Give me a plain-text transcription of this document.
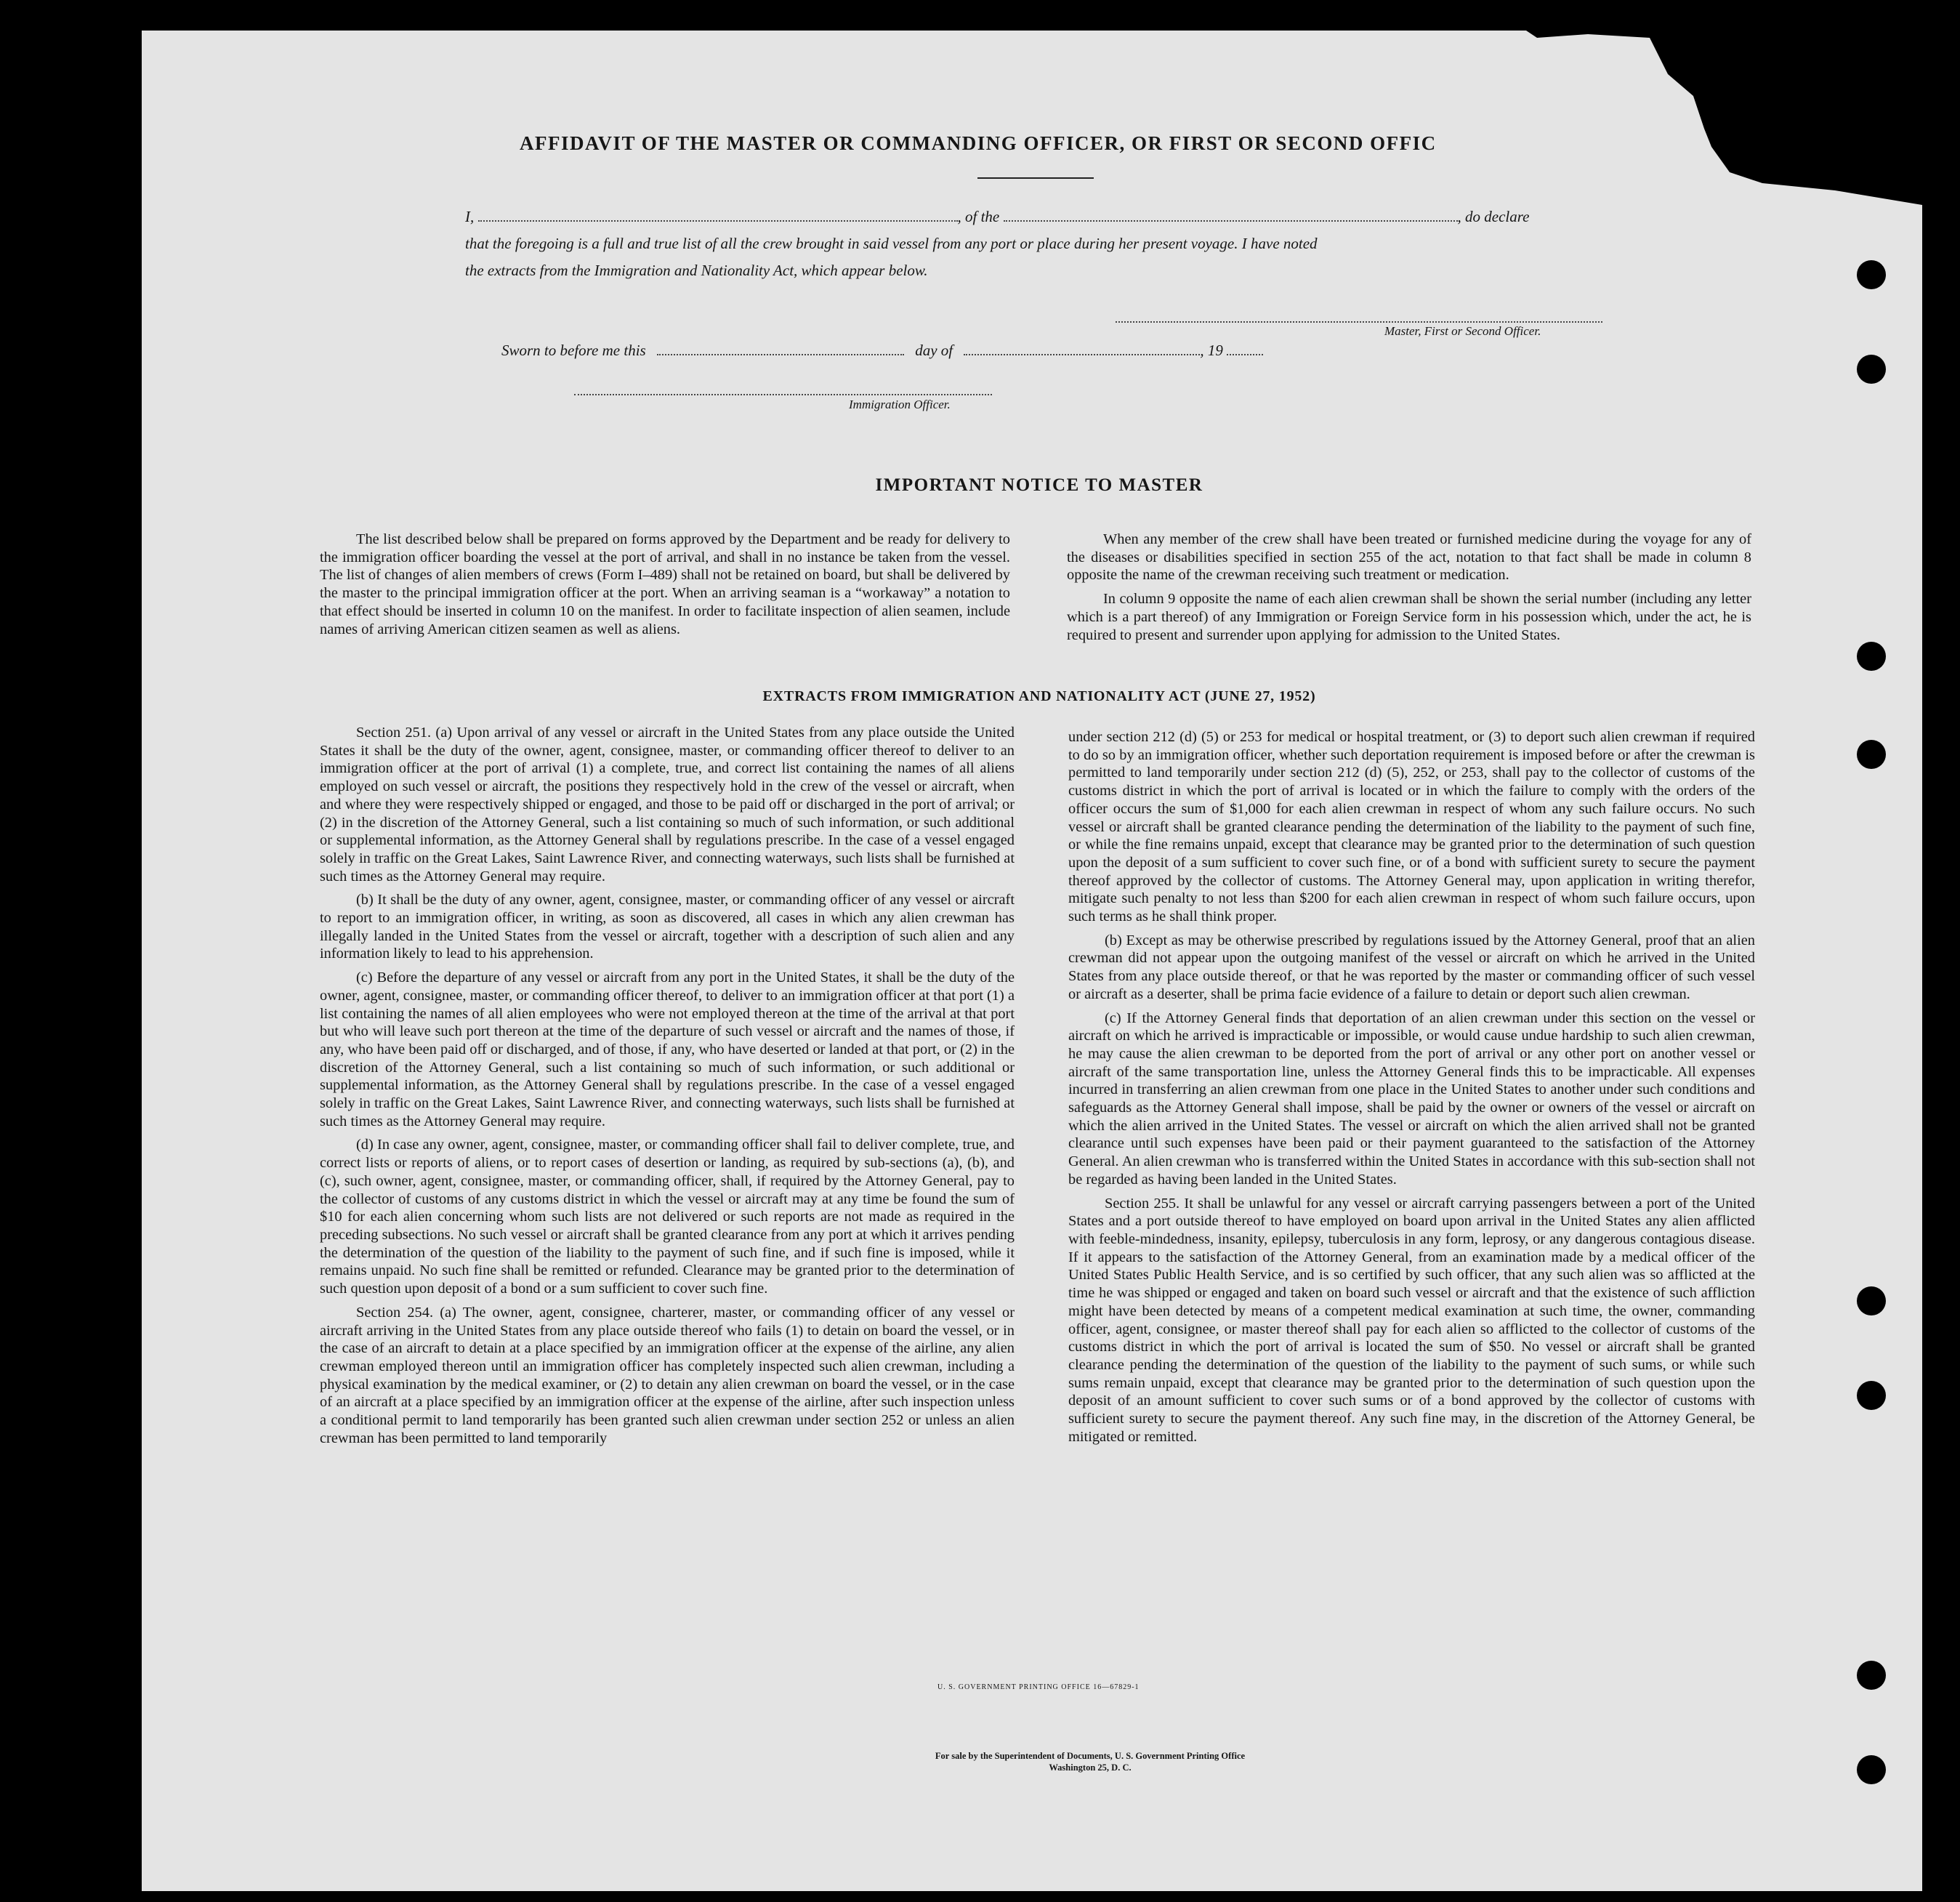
AFFIDAVIT OF THE MASTER OR COMMANDING OFFICER, OR FIRST OR SECOND OFFIC
I,	, of the	, do declare
that the foregoing is a full and true list of all the crew brought in said vessel from any port or place during her present voyage. I have noted
the extracts from the Immigration and Nationality Act, which appear below.
Master, First or Second Officer.
Sworn to before me this	day of	, 19
Immigration Officer.
IMPORTANT NOTICE TO MASTER

The list described below shall be prepared on forms approved by the Department and be ready for delivery to the immigration officer boarding the vessel at the port of arrival, and shall in no instance be taken from the vessel. The list of changes of alien members of crews (Form I–489) shall not be retained on board, but shall be delivered by the master to the principal immigration officer at the port. When an arriving seaman is a “workaway” a notation to that effect should be inserted in column 10 on the manifest. In order to facilitate inspection of alien seamen, include names of arriving American citizen seamen as well as aliens.

When any member of the crew shall have been treated or furnished medicine during the voyage for any of the diseases or disabilities specified in section 255 of the act, notation to that fact shall be made in column 8 opposite the name of the crewman receiving such treatment or medication.

In column 9 opposite the name of each alien crewman shall be shown the serial number (including any letter which is a part thereof) of any Immigration or Foreign Service form in his possession which, under the act, he is required to present and surrender upon applying for admission to the United States.

EXTRACTS FROM IMMIGRATION AND NATIONALITY ACT (JUNE 27, 1952)

Section 251. (a) Upon arrival of any vessel or aircraft in the United States from any place outside the United States it shall be the duty of the owner, agent, consignee, master, or commanding officer thereof to deliver to an immigration officer at the port of arrival (1) a complete, true, and correct list containing the names of all aliens employed on such vessel or aircraft, the positions they respectively hold in the crew of the vessel or aircraft, when and where they were respectively shipped or engaged, and those to be paid off or discharged in the port of arrival; or (2) in the discretion of the Attorney General, such a list containing so much of such information, or such additional or supplemental information, as the Attorney General shall by regulations prescribe. In the case of a vessel engaged solely in traffic on the Great Lakes, Saint Lawrence River, and connecting waterways, such lists shall be furnished at such times as the Attorney General may require.

(b) It shall be the duty of any owner, agent, consignee, master, or commanding officer of any vessel or aircraft to report to an immigration officer, in writing, as soon as discovered, all cases in which any alien crewman has illegally landed in the United States from the vessel or aircraft, together with a description of such alien and any information likely to lead to his apprehension.

(c) Before the departure of any vessel or aircraft from any port in the United States, it shall be the duty of the owner, agent, consignee, master, or commanding officer thereof, to deliver to an immigration officer at that port (1) a list containing the names of all alien employees who were not employed thereon at the time of the arrival at that port but who will leave such port thereon at the time of the departure of such vessel or aircraft and the names of those, if any, who have been paid off or discharged, and of those, if any, who have deserted or landed at that port, or (2) in the discretion of the Attorney General, such a list containing so much of such information, or such additional or supplemental information, as the Attorney General shall by regulations prescribe. In the case of a vessel engaged solely in traffic on the Great Lakes, Saint Lawrence River, and connecting waterways, such lists shall be furnished at such times as the Attorney General may require.

(d) In case any owner, agent, consignee, master, or commanding officer shall fail to deliver complete, true, and correct lists or reports of aliens, or to report cases of desertion or landing, as required by sub-sections (a), (b), and (c), such owner, agent, consignee, master, or commanding officer, shall, if required by the Attorney General, pay to the collector of customs of any customs district in which the vessel or aircraft may at any time be found the sum of $10 for each alien concerning whom such lists are not delivered or such reports are not made as required in the preceding subsections. No such vessel or aircraft shall be granted clearance from any port at which it arrives pending the determination of the question of the liability to the payment of such fine, and if such fine is imposed, while it remains unpaid. No such fine shall be remitted or refunded. Clearance may be granted prior to the determination of such question upon deposit of a bond or a sum sufficient to cover such fine.

Section 254. (a) The owner, agent, consignee, charterer, master, or commanding officer of any vessel or aircraft arriving in the United States from any place outside thereof who fails (1) to detain on board the vessel, or in the case of an aircraft to detain at a place specified by an immigration officer at the expense of the airline, any alien crewman employed thereon until an immigration officer has completely inspected such alien crewman, including a physical examination by the medical examiner, or (2) to detain any alien crewman on board the vessel, or in the case of an aircraft at a place specified by an immigration officer at the expense of the airline, after such inspection unless a conditional permit to land temporarily has been granted such alien crewman under section 252 or unless an alien crewman has been permitted to land temporarily

under section 212 (d) (5) or 253 for medical or hospital treatment, or (3) to deport such alien crewman if required to do so by an immigration officer, whether such deportation requirement is imposed before or after the crewman is permitted to land temporarily under section 212 (d) (5), 252, or 253, shall pay to the collector of customs of the customs district in which the port of arrival is located or in which the failure to comply with the orders of the officer occurs the sum of $1,000 for each alien crewman in respect of whom any such failure occurs. No such vessel or aircraft shall be granted clearance pending the determination of the liability to the payment of such fine, or while the fine remains unpaid, except that clearance may be granted prior to the determination of such question upon the deposit of a sum sufficient to cover such fine, or of a bond with sufficient surety to secure the payment thereof approved by the collector of customs. The Attorney General may, upon application in writing therefor, mitigate such penalty to not less than $200 for each alien crewman in respect of whom such failure occurs, upon such terms as he shall think proper.

(b) Except as may be otherwise prescribed by regulations issued by the Attorney General, proof that an alien crewman did not appear upon the outgoing manifest of the vessel or aircraft on which he arrived in the United States from any place outside thereof, or that he was reported by the master or commanding officer of such vessel or aircraft as a deserter, shall be prima facie evidence of a failure to detain or deport such alien crewman.

(c) If the Attorney General finds that deportation of an alien crewman under this section on the vessel or aircraft on which he arrived is impracticable or impossible, or would cause undue hardship to such alien crewman, he may cause the alien crewman to be deported from the port of arrival or any other port on another vessel or aircraft of the same transportation line, unless the Attorney General finds this to be impracticable. All expenses incurred in transferring an alien crewman from one place in the United States to another under such conditions and safeguards as the Attorney General shall impose, shall be paid by the owner or owners of the vessel or aircraft on which the alien arrived in the United States. The vessel or aircraft on which the alien arrived shall not be granted clearance until such expenses have been paid or their payment guaranteed to the satisfaction of the Attorney General. An alien crewman who is transferred within the United States in accordance with this sub-section shall not be regarded as having been landed in the United States.

Section 255. It shall be unlawful for any vessel or aircraft carrying passengers between a port of the United States and a port outside thereof to have employed on board upon arrival in the United States any alien afflicted with feeble-mindedness, insanity, epilepsy, tuberculosis in any form, leprosy, or any dangerous contagious disease. If it appears to the satisfaction of the Attorney General, from an examination made by a medical officer of the United States Public Health Service, and is so certified by such officer, that any such alien was so afflicted at the time he was shipped or engaged and taken on board such vessel or aircraft and that the existence of such affliction might have been detected by means of a competent medical examination at such time, the owner, commanding officer, agent, consignee, or master thereof shall pay for each alien so afflicted to the collector of customs of the customs district in which the port of arrival is located the sum of $50. No vessel or aircraft shall be granted clearance pending the determination of the question of the liability to the payment of such sums, or while such sums remain unpaid, except that clearance may be granted prior to the determination of such question upon the deposit of an amount sufficient to cover such sums or of a bond approved by the collector of customs with sufficient surety to secure the payment thereof. Any such fine may, in the discretion of the Attorney General, be mitigated or remitted.

U. S. GOVERNMENT PRINTING OFFICE 16—67829-1
For sale by the Superintendent of Documents, U. S. Government Printing Office
Washington 25, D. C.
